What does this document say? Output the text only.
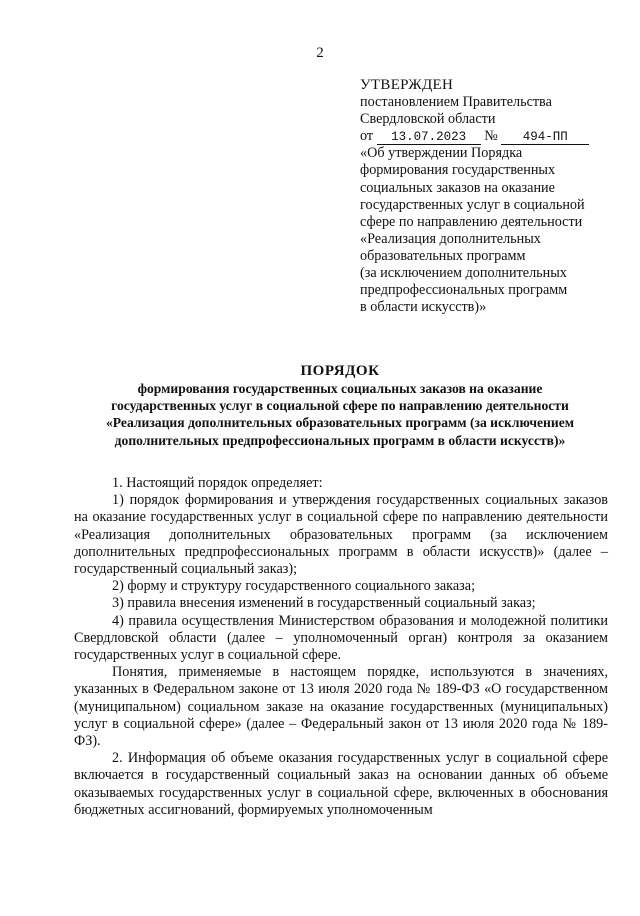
2
УТВЕРЖДЕН
постановлением Правительства
Свердловской области
от 13.07.2023 № 494-ПП
«Об утверждении Порядка
формирования государственных
социальных заказов на оказание
государственных услуг в социальной
сфере по направлению деятельности
«Реализация дополнительных
образовательных программ
(за исключением дополнительных
предпрофессиональных программ
в области искусств)»
ПОРЯДОК
формирования государственных социальных заказов на оказание
государственных услуг в социальной сфере по направлению деятельности
«Реализация дополнительных образовательных программ (за исключением
дополнительных предпрофессиональных программ в области искусств)»

1. Настоящий порядок определяет:

1) порядок формирования и утверждения государственных социальных заказов на оказание государственных услуг в социальной сфере по направлению деятельности «Реализация дополнительных образовательных программ (за исключением дополнительных предпрофессиональных программ в области искусств)» (далее – государственный социальный заказ);

2) форму и структуру государственного социального заказа;

3) правила внесения изменений в государственный социальный заказ;

4) правила осуществления Министерством образования и молодежной политики Свердловской области (далее – уполномоченный орган) контроля за оказанием государственных услуг в социальной сфере.

Понятия, применяемые в настоящем порядке, используются в значениях, указанных в Федеральном законе от 13 июля 2020 года № 189-ФЗ «О государственном (муниципальном) социальном заказе на оказание государственных (муниципальных) услуг в социальной сфере» (далее – Федеральный закон от 13 июля 2020 года № 189-ФЗ).

2. Информация об объеме оказания государственных услуг в социальной сфере включается в государственный социальный заказ на основании данных об объеме оказываемых государственных услуг в социальной сфере, включенных в обоснования бюджетных ассигнований, формируемых уполномоченным
